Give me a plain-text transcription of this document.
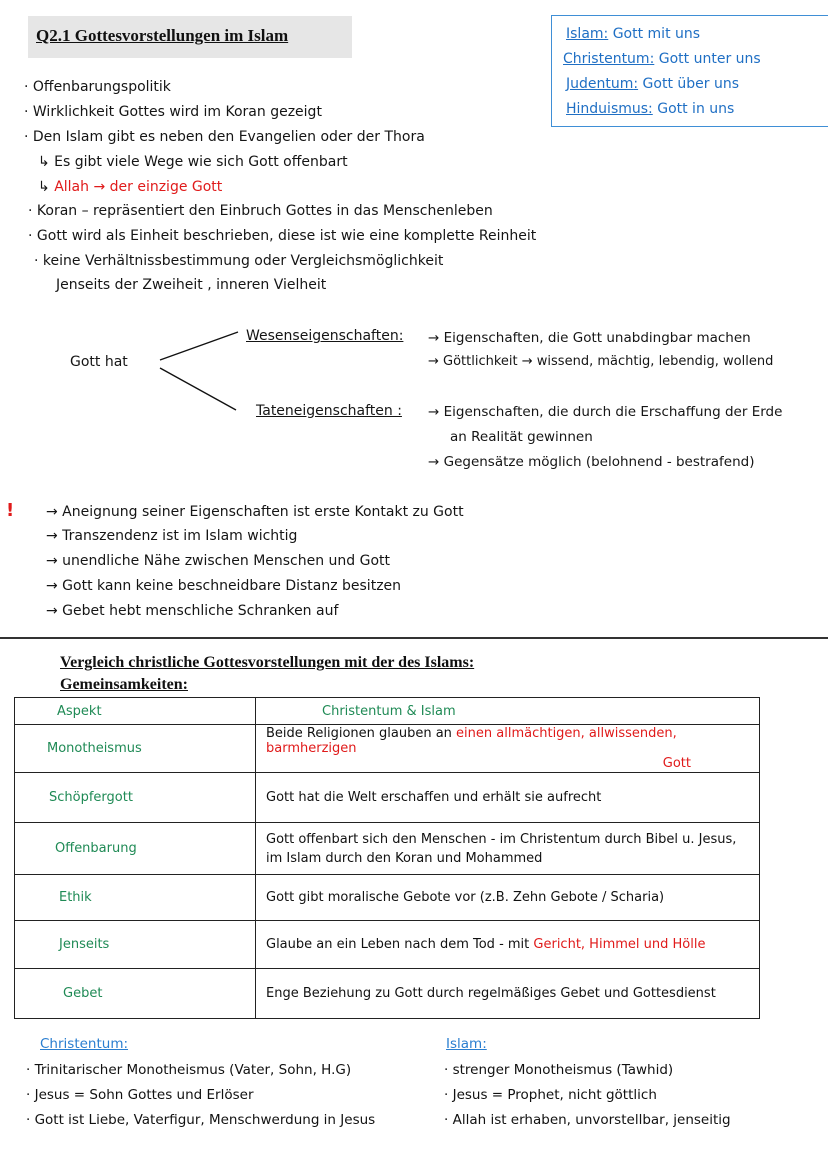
Q2.1 Gottesvorstellungen im Islam	Islam: Gott mit uns
Christentum: Gott unter uns
Judentum: Gott über uns
Hinduismus: Gott in uns
· Offenbarungspolitik
· Wirklichkeit Gottes wird im Koran gezeigt
· Den Islam gibt es neben den Evangelien oder der Thora
↳ Es gibt viele Wege wie sich Gott offenbart
↳ Allah → der einzige Gott
· Koran – repräsentiert den Einbruch Gottes in das Menschenleben
· Gott wird als Einheit beschrieben, diese ist wie eine komplette Reinheit
· keine Verhältnissbestimmung oder Vergleichsmöglichkeit
Jenseits der Zweiheit , inneren Vielheit
Gott hat
Wesenseigenschaften: → Eigenschaften, die Gott unabdingbar machen
→ Göttlichkeit → wissend, mächtig, lebendig, wollend
Tateneigenschaften : → Eigenschaften, die durch die Erschaffung der Erde
an Realität gewinnen
→ Gegensätze möglich (belohnend - bestrafend)
! → Aneignung seiner Eigenschaften ist erste Kontakt zu Gott
→ Transzendenz ist im Islam wichtig
→ unendliche Nähe zwischen Menschen und Gott
→ Gott kann keine beschneidbare Distanz besitzen
→ Gebet hebt menschliche Schranken auf
Vergleich christliche Gottesvorstellungen mit der des Islams:
Gemeinsamkeiten:
Aspekt	Christentum & Islam
Monotheismus	Beide Religionen glauben an einen allmächtigen, allwissenden, barmherzigen
Gott

Schöpfergott	Gott hat die Welt erschaffen und erhält sie aufrecht
Offenbarung	Gott offenbart sich den Menschen - im Christentum durch Bibel u. Jesus,
im Islam durch den Koran und Mohammed

Ethik	Gott gibt moralische Gebote vor (z.B. Zehn Gebote / Scharia)
Jenseits	Glaube an ein Leben nach dem Tod - mit Gericht, Himmel und Hölle
Gebet	Enge Beziehung zu Gott durch regelmäßiges Gebet und Gottesdienst
Christentum:
· Trinitarischer Monotheismus (Vater, Sohn, H.G)
· Jesus = Sohn Gottes und Erlöser
· Gott ist Liebe, Vaterfigur, Menschwerdung in Jesus
Islam:
· strenger Monotheismus (Tawhid)
· Jesus = Prophet, nicht göttlich
· Allah ist erhaben, unvorstellbar, jenseitig
